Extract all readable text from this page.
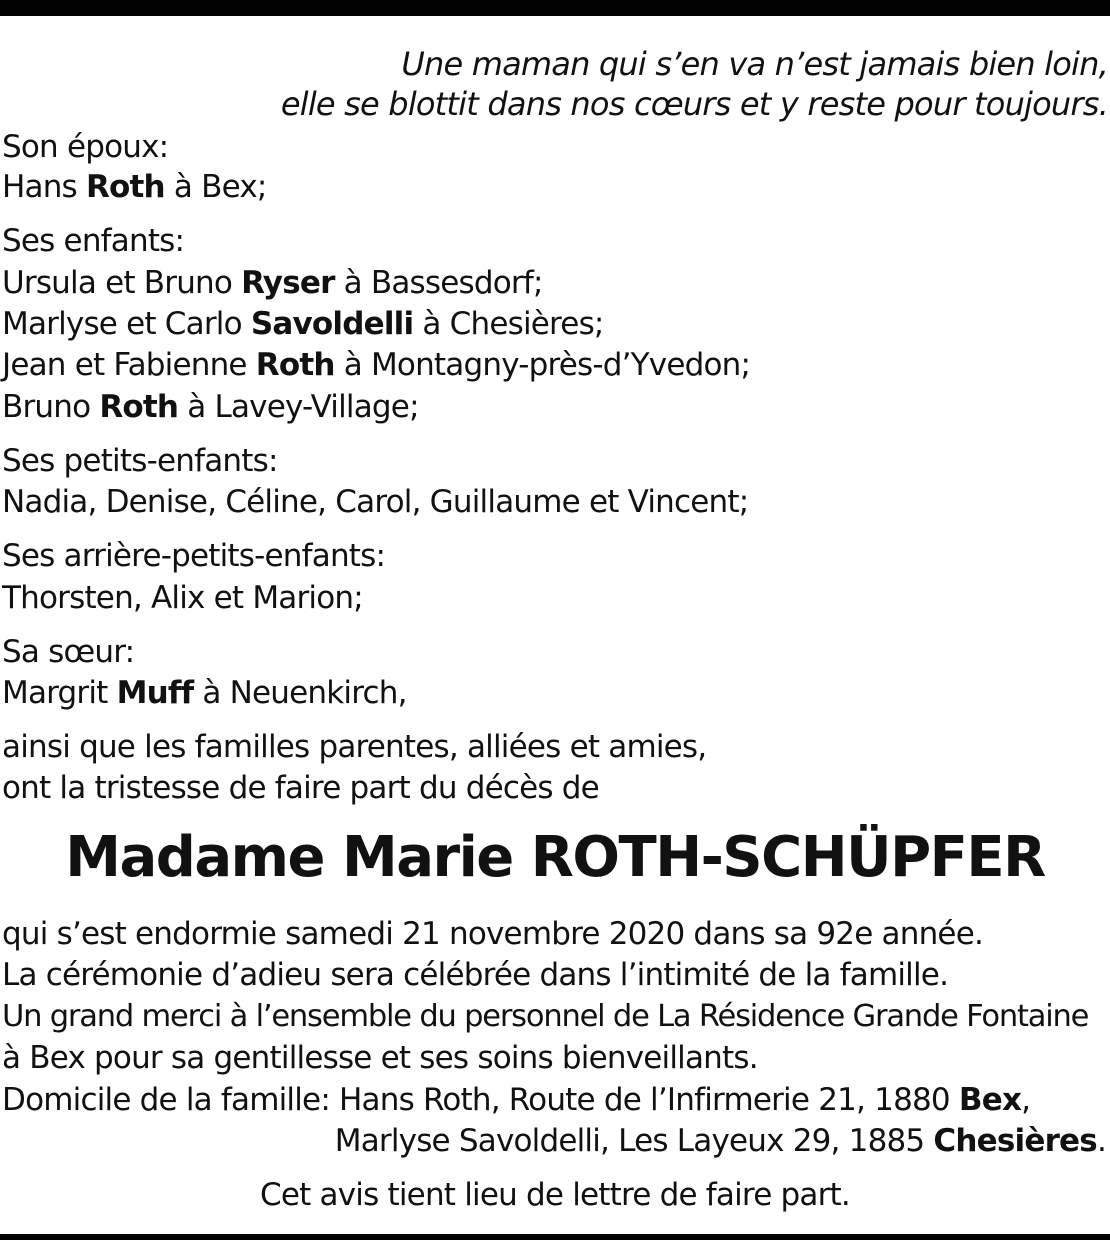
Une maman qui s’en va n’est jamais bien loin,
elle se blottit dans nos cœurs et y reste pour toujours.
Son époux:
Hans Roth à Bex;
Ses enfants:
Ursula et Bruno Ryser à Bassesdorf;
Marlyse et Carlo Savoldelli à Chesières;
Jean et Fabienne Roth à Montagny-près-d’Yvedon;
Bruno Roth à Lavey-Village;
Ses petits-enfants:
Nadia, Denise, Céline, Carol, Guillaume et Vincent;
Ses arrière-petits-enfants:
Thorsten, Alix et Marion;
Sa sœur:
Margrit Muff à Neuenkirch,
ainsi que les familles parentes, alliées et amies,
ont la tristesse de faire part du décès de
Madame Marie ROTH-SCHÜPFER
qui s’est endormie samedi 21 novembre 2020 dans sa 92e année.
La cérémonie d’adieu sera célébrée dans l’intimité de la famille.
Un grand merci à l’ensemble du personnel de La Résidence Grande Fontaine
à Bex pour sa gentillesse et ses soins bienveillants.
Domicile de la famille: Hans Roth, Route de l’Infirmerie 21, 1880 Bex,
Marlyse Savoldelli, Les Layeux 29, 1885 Chesières.
Cet avis tient lieu de lettre de faire part.
